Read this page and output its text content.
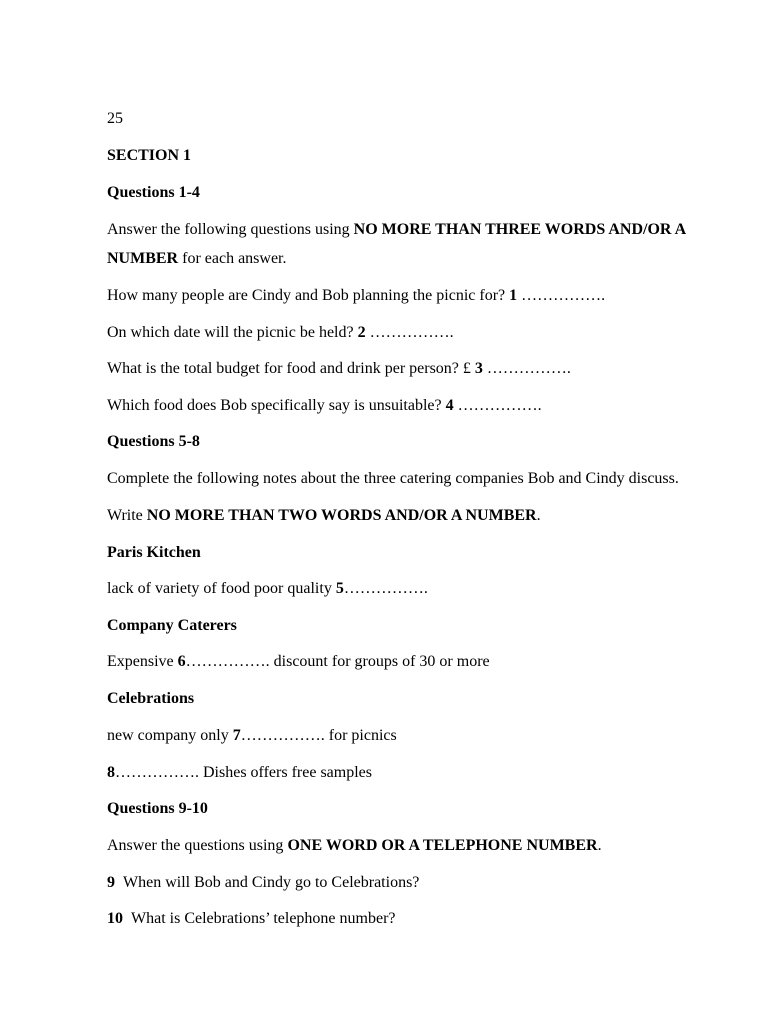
25
SECTION 1
Questions 1-4
Answer the following questions using NO MORE THAN THREE WORDS AND/OR A NUMBER for each answer.
How many people are Cindy and Bob planning the picnic for? 1 …………….
On which date will the picnic be held? 2 …………….
What is the total budget for food and drink per person? £ 3 …………….
Which food does Bob specifically say is unsuitable? 4 …………….
Questions 5-8
Complete the following notes about the three catering companies Bob and Cindy discuss.
Write NO MORE THAN TWO WORDS AND/OR A NUMBER.
Paris Kitchen
lack of variety of food poor quality 5…………….
Company Caterers
Expensive 6……………. discount for groups of 30 or more
Celebrations
new company only 7……………. for picnics
8……………. Dishes offers free samples
Questions 9-10
Answer the questions using ONE WORD OR A TELEPHONE NUMBER.
9 When will Bob and Cindy go to Celebrations?
10 What is Celebrations’ telephone number?
